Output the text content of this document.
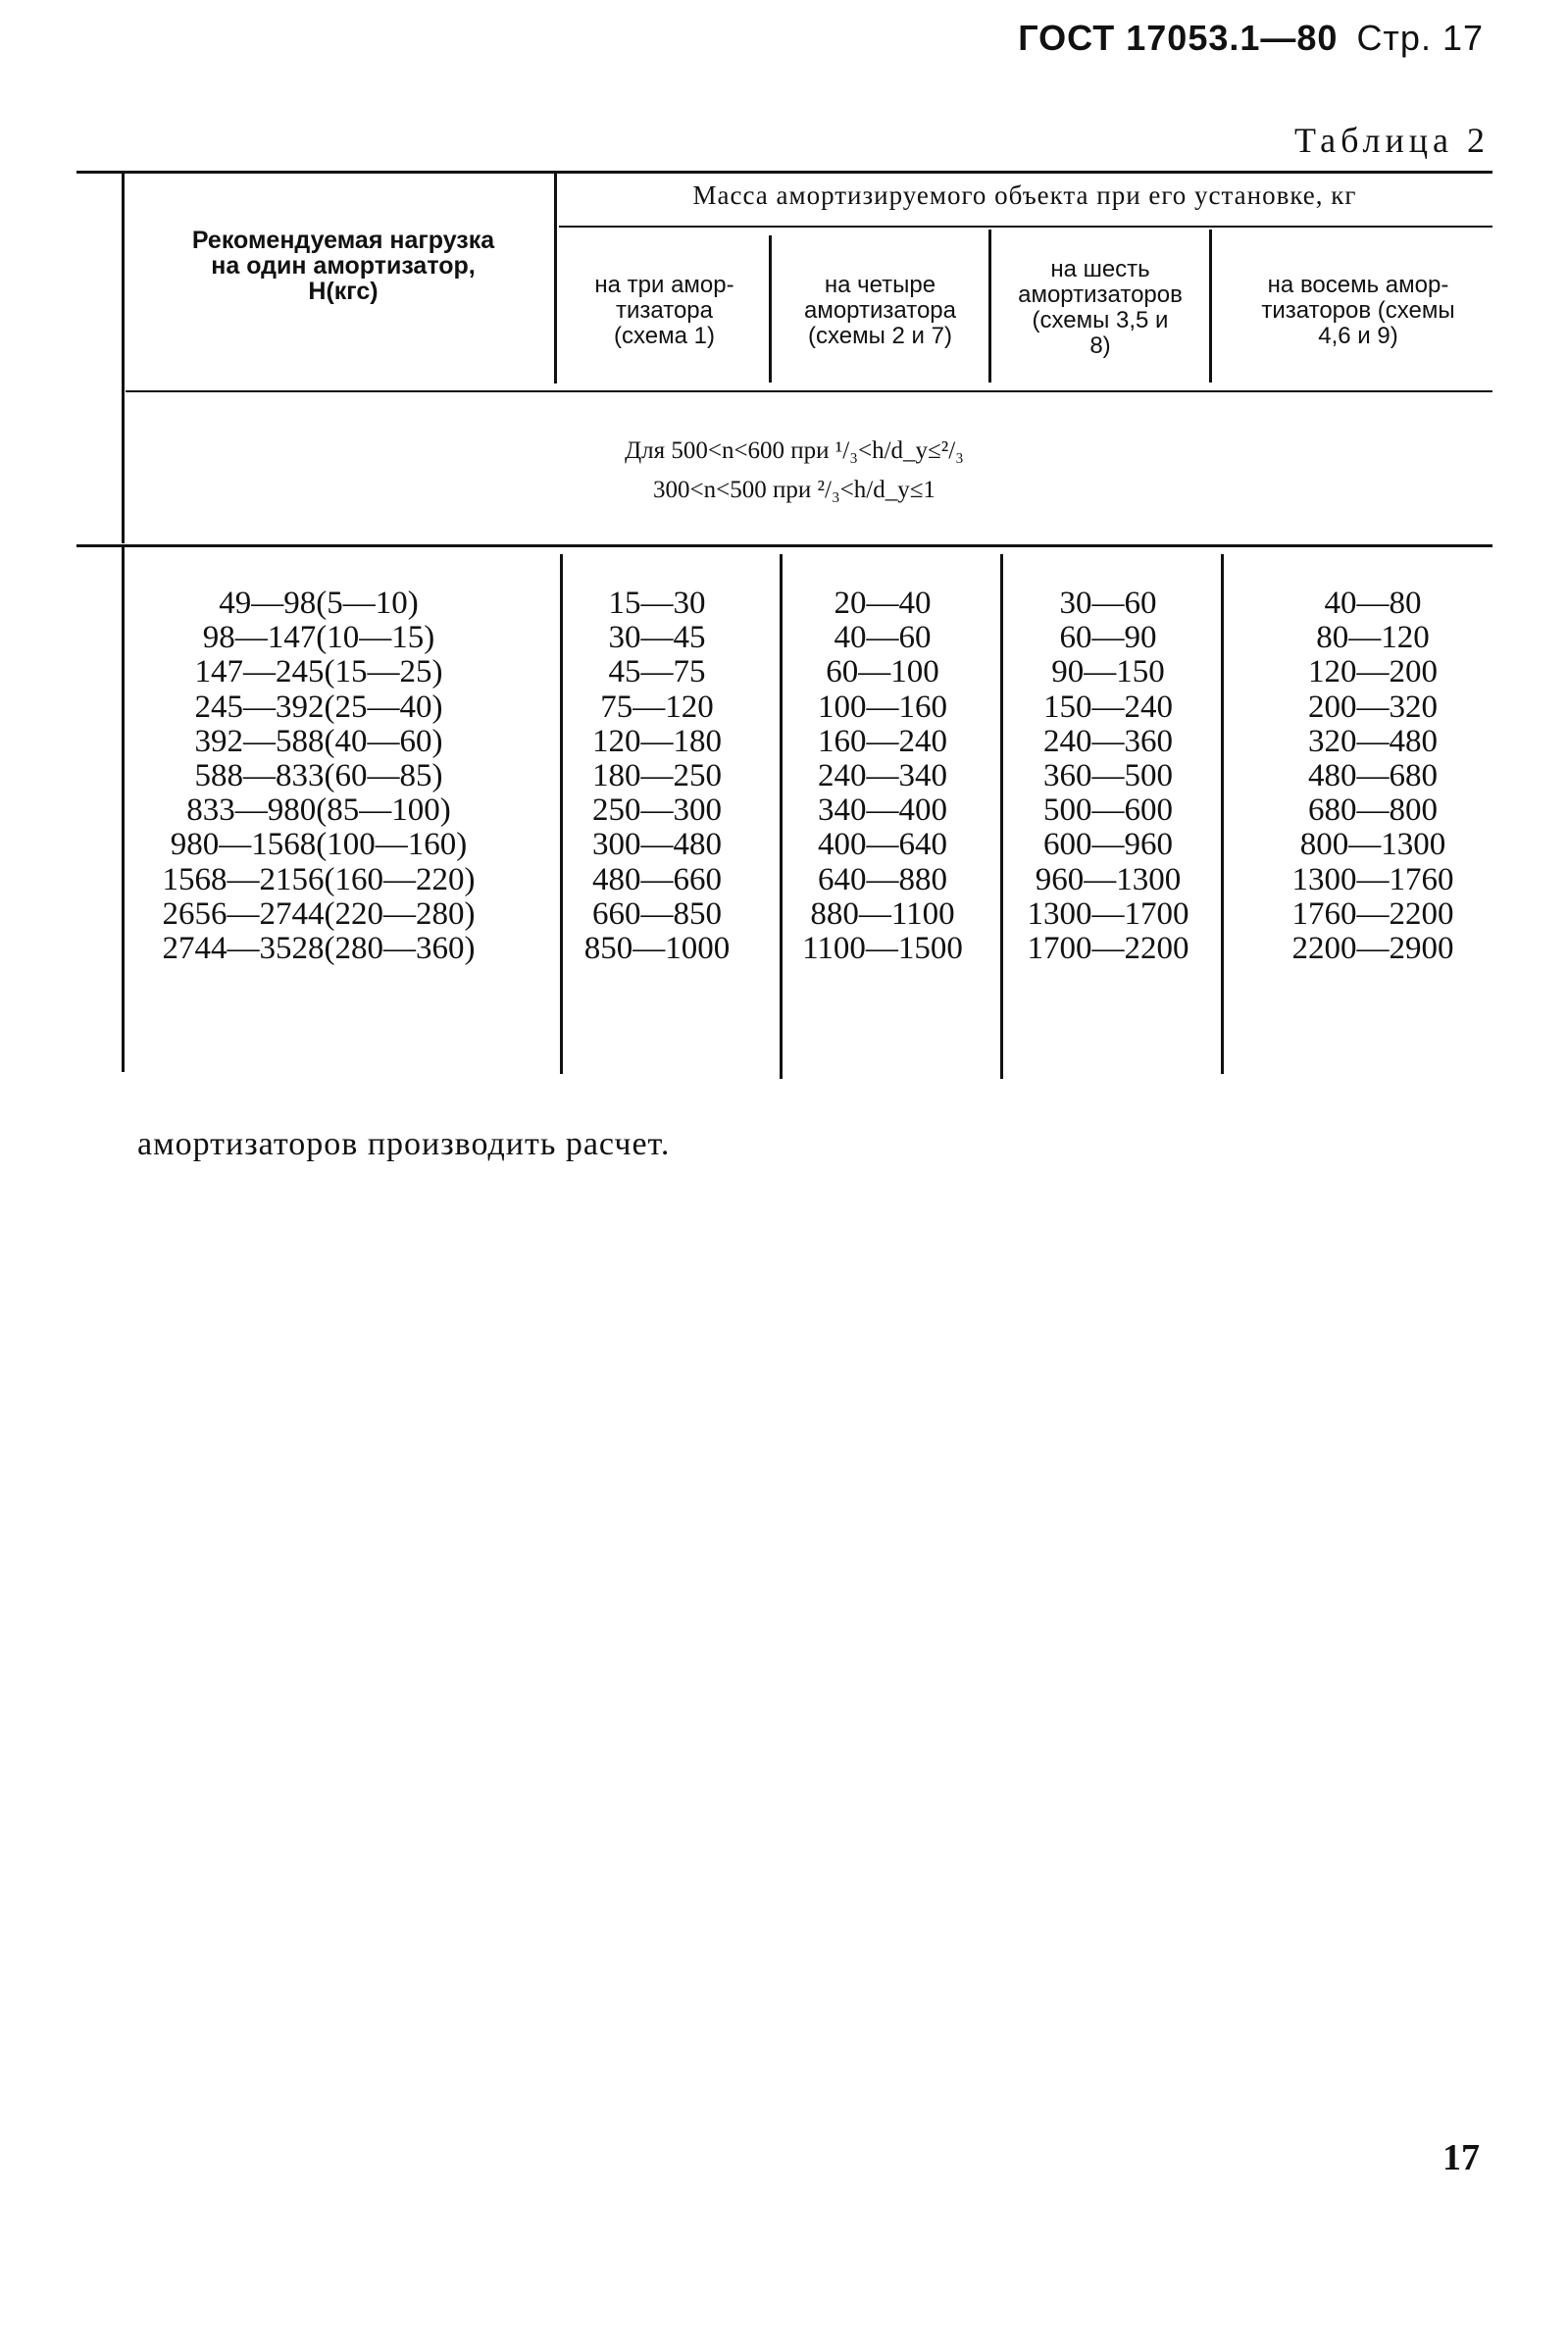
ГОСТ 17053.1—80 Стр. 17
Таблица 2
Рекомендуемая нагрузка
на один амортизатор,
Н(кгс)
Масса амортизируемого объекта при его установке, кг
на три амор-
тизатора
(схема 1)
на четыре
амортизатора
(схемы 2 и 7)
на шесть
амортизаторов
(схемы 3,5 и
8)
на восемь амор-
тизаторов (схемы
4,6 и 9)
Для 500<n<600 при ¹/₃<h/d_y≤²/₃
300<n<500 при ²/₃<h/d_y≤1
49—98(5—10)
98—147(10—15)
147—245(15—25)
245—392(25—40)
392—588(40—60)
588—833(60—85)
833—980(85—100)
980—1568(100—160)
1568—2156(160—220)
2656—2744(220—280)
2744—3528(280—360)
15—30
30—45
45—75
75—120
120—180
180—250
250—300
300—480
480—660
660—850
850—1000
20—40
40—60
60—100
100—160
160—240
240—340
340—400
400—640
640—880
880—1100
1100—1500
30—60
60—90
90—150
150—240
240—360
360—500
500—600
600—960
960—1300
1300—1700
1700—2200
40—80
80—120
120—200
200—320
320—480
480—680
680—800
800—1300
1300—1760
1760—2200
2200—2900
амортизаторов производить расчет.
17
